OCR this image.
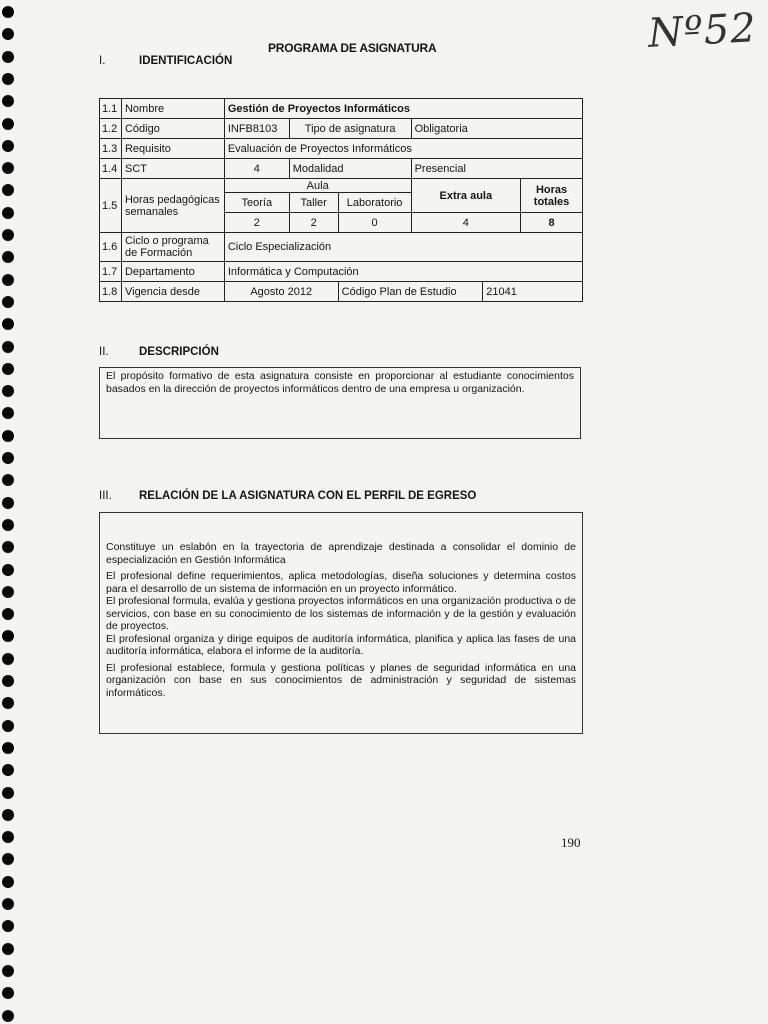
Nº52
PROGRAMA DE ASIGNATURA
I.	IDENTIFICACIÓN
1.1	Nombre	Gestión de Proyectos Informáticos					
1.2	Código	INFB8103	Tipo de asignatura		Obligatoria		
1.3	Requisito	Evaluación de Proyectos Informáticos					
1.4	SCT	4	Modalidad		Presencial		
1.5	Horas pedagógicas semanales	Aula			Extra aula		Horas totales
		Teoría	Taller	Laboratorio			
		2	2	0	4		8
1.6	Ciclo o programa de Formación	Ciclo Especialización					
1.7	Departamento	Informática y Computación					
1.8	Vigencia desde	Agosto 2012		Código Plan de Estudio		21041	
II.	DESCRIPCIÓN
El propósito formativo de esta asignatura consiste en proporcionar al estudiante conocimientos basados en la dirección de proyectos informáticos dentro de una empresa u organización.
III. RELACIÓN DE LA ASIGNATURA CON EL PERFIL DE EGRESO

Constituye un eslabón en la trayectoria de aprendizaje destinada a consolidar el dominio de especialización en Gestión Informática

El profesional define requerimientos, aplica metodologías, diseña soluciones y determina costos para el desarrollo de un sistema de información en un proyecto informático.

El profesional formula, evalúa y gestiona proyectos informáticos en una organización productiva o de servicios, con base en su conocimiento de los sistemas de información y de la gestión y evaluación de proyectos.

El profesional organiza y dirige equipos de auditoría informática, planifica y aplica las fases de una auditoría informática, elabora el informe de la auditoría.

El profesional establece, formula y gestiona políticas y planes de seguridad informática en una organización con base en sus conocimientos de administración y seguridad de sistemas informáticos.

190
